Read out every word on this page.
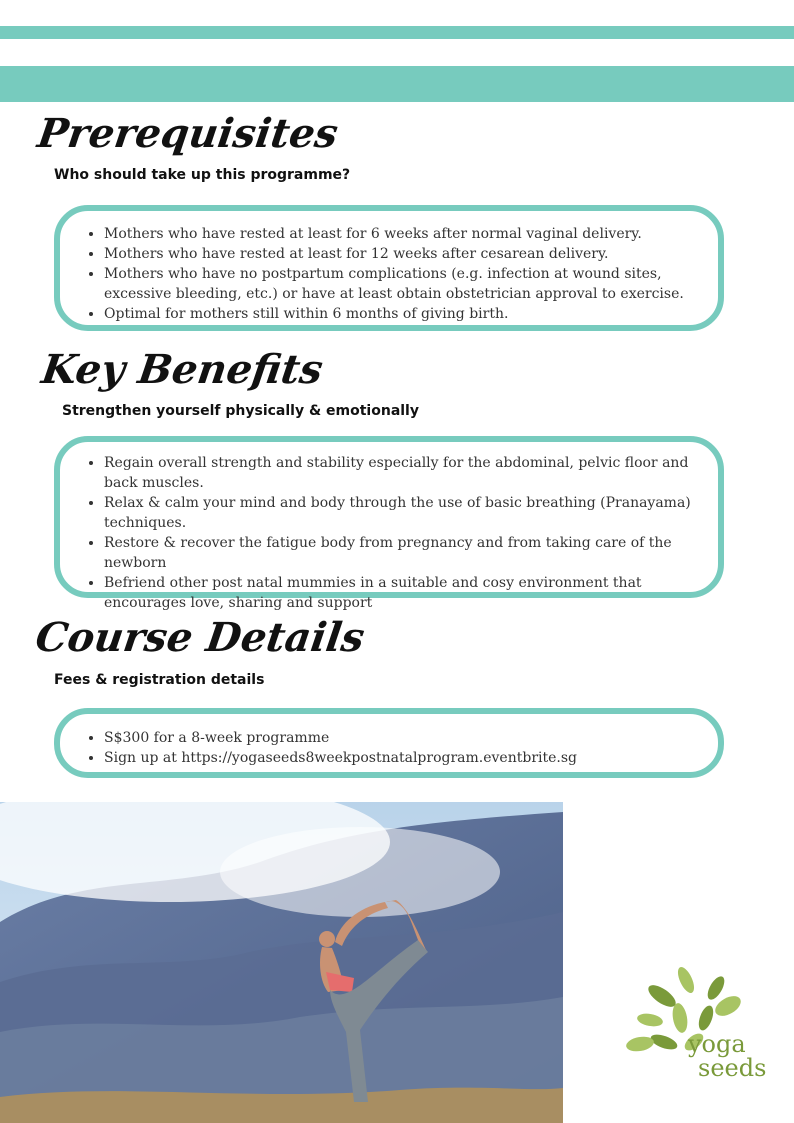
Prerequisites
Who should take up this programme?
• Mothers who have rested at least for 6 weeks after normal vaginal delivery.
• Mothers who have rested at least for 12 weeks after cesarean delivery.
• Mothers who have no postpartum complications (e.g. infection at wound sites, excessive bleeding, etc.) or have at least obtain obstetrician approval to exercise.
• Optimal for mothers still within 6 months of giving birth.
Key Benefits
Strengthen yourself physically & emotionally
• Regain overall strength and stability especially for the abdominal, pelvic floor and back muscles.
• Relax & calm your mind and body through the use of basic breathing (Pranayama) techniques.
• Restore & recover the fatigue body from pregnancy and from taking care of the newborn
• Befriend other post natal mummies in a suitable and cosy environment that encourages love, sharing and support
Course Details
Fees & registration details
• S$300 for a 8-week programme
• Sign up at https://yogaseeds8weekpostnatalprogram.eventbrite.sg
yoga
seeds
